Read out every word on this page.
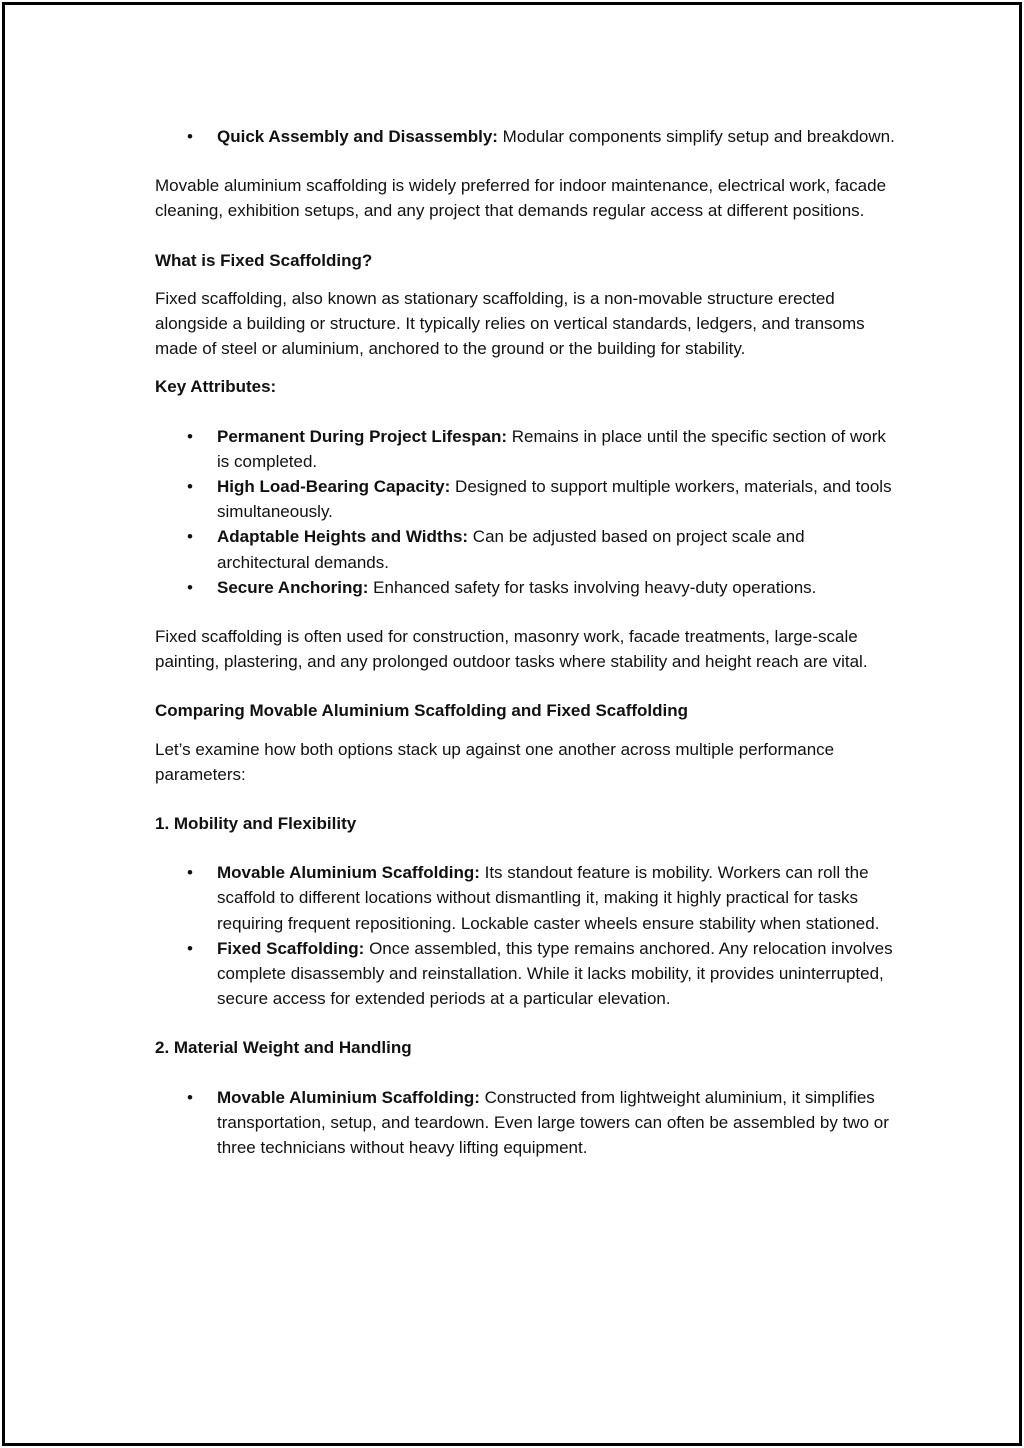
• Quick Assembly and Disassembly: Modular components simplify setup and breakdown.

Movable aluminium scaffolding is widely preferred for indoor maintenance, electrical work, facade cleaning, exhibition setups, and any project that demands regular access at different positions.

What is Fixed Scaffolding?

Fixed scaffolding, also known as stationary scaffolding, is a non-movable structure erected alongside a building or structure. It typically relies on vertical standards, ledgers, and transoms made of steel or aluminium, anchored to the ground or the building for stability.

Key Attributes:
• Permanent During Project Lifespan: Remains in place until the specific section of work is completed.
• High Load-Bearing Capacity: Designed to support multiple workers, materials, and tools simultaneously.
• Adaptable Heights and Widths: Can be adjusted based on project scale and architectural demands.
• Secure Anchoring: Enhanced safety for tasks involving heavy-duty operations.

Fixed scaffolding is often used for construction, masonry work, facade treatments, large-scale painting, plastering, and any prolonged outdoor tasks where stability and height reach are vital.

Comparing Movable Aluminium Scaffolding and Fixed Scaffolding

Let’s examine how both options stack up against one another across multiple performance parameters:

1. Mobility and Flexibility
• Movable Aluminium Scaffolding: Its standout feature is mobility. Workers can roll the scaffold to different locations without dismantling it, making it highly practical for tasks requiring frequent repositioning. Lockable caster wheels ensure stability when stationed.
• Fixed Scaffolding: Once assembled, this type remains anchored. Any relocation involves complete disassembly and reinstallation. While it lacks mobility, it provides uninterrupted, secure access for extended periods at a particular elevation.
2. Material Weight and Handling
• Movable Aluminium Scaffolding: Constructed from lightweight aluminium, it simplifies transportation, setup, and teardown. Even large towers can often be assembled by two or three technicians without heavy lifting equipment.
